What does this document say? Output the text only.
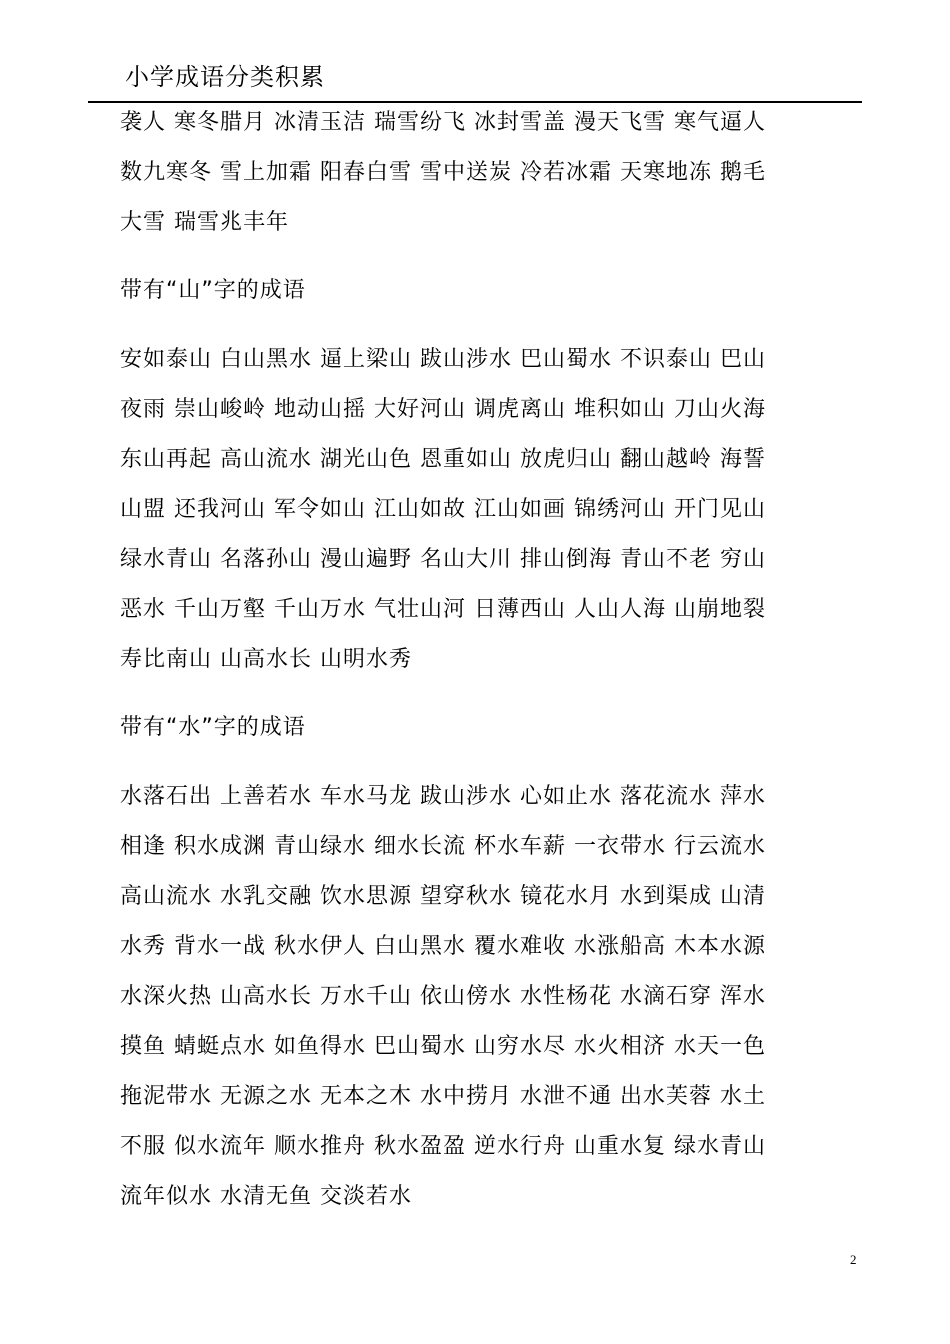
小学成语分类积累
袭人 寒冬腊月 冰清玉洁 瑞雪纷飞 冰封雪盖 漫天飞雪 寒气逼人
数九寒冬 雪上加霜 阳春白雪 雪中送炭 冷若冰霜 天寒地冻 鹅毛
大雪 瑞雪兆丰年
带有“山”字的成语
安如泰山 白山黑水 逼上梁山 跋山涉水 巴山蜀水 不识泰山 巴山
夜雨 崇山峻岭 地动山摇 大好河山 调虎离山 堆积如山 刀山火海
东山再起 高山流水 湖光山色 恩重如山 放虎归山 翻山越岭 海誓
山盟 还我河山 军令如山 江山如故 江山如画 锦绣河山 开门见山
绿水青山 名落孙山 漫山遍野 名山大川 排山倒海 青山不老 穷山
恶水 千山万壑 千山万水 气壮山河 日薄西山 人山人海 山崩地裂
寿比南山 山高水长 山明水秀
带有“水”字的成语
水落石出 上善若水 车水马龙 跋山涉水 心如止水 落花流水 萍水
相逢 积水成渊 青山绿水 细水长流 杯水车薪 一衣带水 行云流水
高山流水 水乳交融 饮水思源 望穿秋水 镜花水月 水到渠成 山清
水秀 背水一战 秋水伊人 白山黑水 覆水难收 水涨船高 木本水源
水深火热 山高水长 万水千山 依山傍水 水性杨花 水滴石穿 浑水
摸鱼 蜻蜓点水 如鱼得水 巴山蜀水 山穷水尽 水火相济 水天一色
拖泥带水 无源之水 无本之木 水中捞月 水泄不通 出水芙蓉 水土
不服 似水流年 顺水推舟 秋水盈盈 逆水行舟 山重水复 绿水青山
流年似水 水清无鱼 交淡若水
2
